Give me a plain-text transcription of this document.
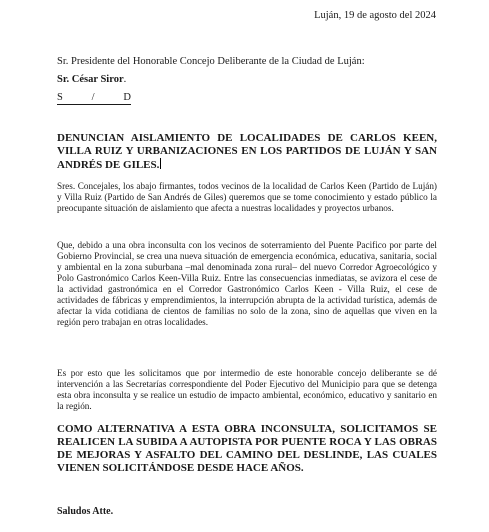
Luján, 19 de agosto del 2024
Sr. Presidente del Honorable Concejo Deliberante de la Ciudad de Luján:
Sr. César Siror.
S	/	D
DENUNCIAN AISLAMIENTO DE LOCALIDADES DE CARLOS KEEN, VILLA RUIZ Y URBANIZACIONES EN LOS PARTIDOS DE LUJÁN Y SAN ANDRÉS DE GILES.
Sres. Concejales, los abajo firmantes, todos vecinos de la localidad de Carlos Keen (Partido de Luján) y Villa Ruiz (Partido de San Andrés de Giles) queremos que se tome conocimiento y estado público la preocupante situación de aislamiento que afecta a nuestras localidades y proyectos urbanos.
Que, debido a una obra inconsulta con los vecinos de soterramiento del Puente Pacifico por parte del Gobierno Provincial, se crea una nueva situación de emergencia económica, educativa, sanitaria, social y ambiental en la zona suburbana –mal denominada zona rural– del nuevo Corredor Agroecológico y Polo Gastronómico Carlos Keen-Villa Ruiz. Entre las consecuencias inmediatas, se avizora el cese de la actividad gastronómica en el Corredor Gastronómico Carlos Keen - Villa Ruiz, el cese de actividades de fábricas y emprendimientos, la interrupción abrupta de la actividad turística, además de afectar la vida cotidiana de cientos de familias no solo de la zona, sino de aquellas que viven en la región pero trabajan en otras localidades.
Es por esto que les solicitamos que por intermedio de este honorable concejo deliberante se dé intervención a las Secretarías correspondiente del Poder Ejecutivo del Municipio para que se detenga esta obra inconsulta y se realice un estudio de impacto ambiental, económico, educativo y sanitario en la región.
COMO ALTERNATIVA A ESTA OBRA INCONSULTA, SOLICITAMOS SE REALICEN LA SUBIDA A AUTOPISTA POR PUENTE ROCA Y LAS OBRAS DE MEJORAS Y ASFALTO DEL CAMINO DEL DESLINDE, LAS CUALES VIENEN SOLICITÁNDOSE DESDE HACE AÑOS.
Saludos Atte.
